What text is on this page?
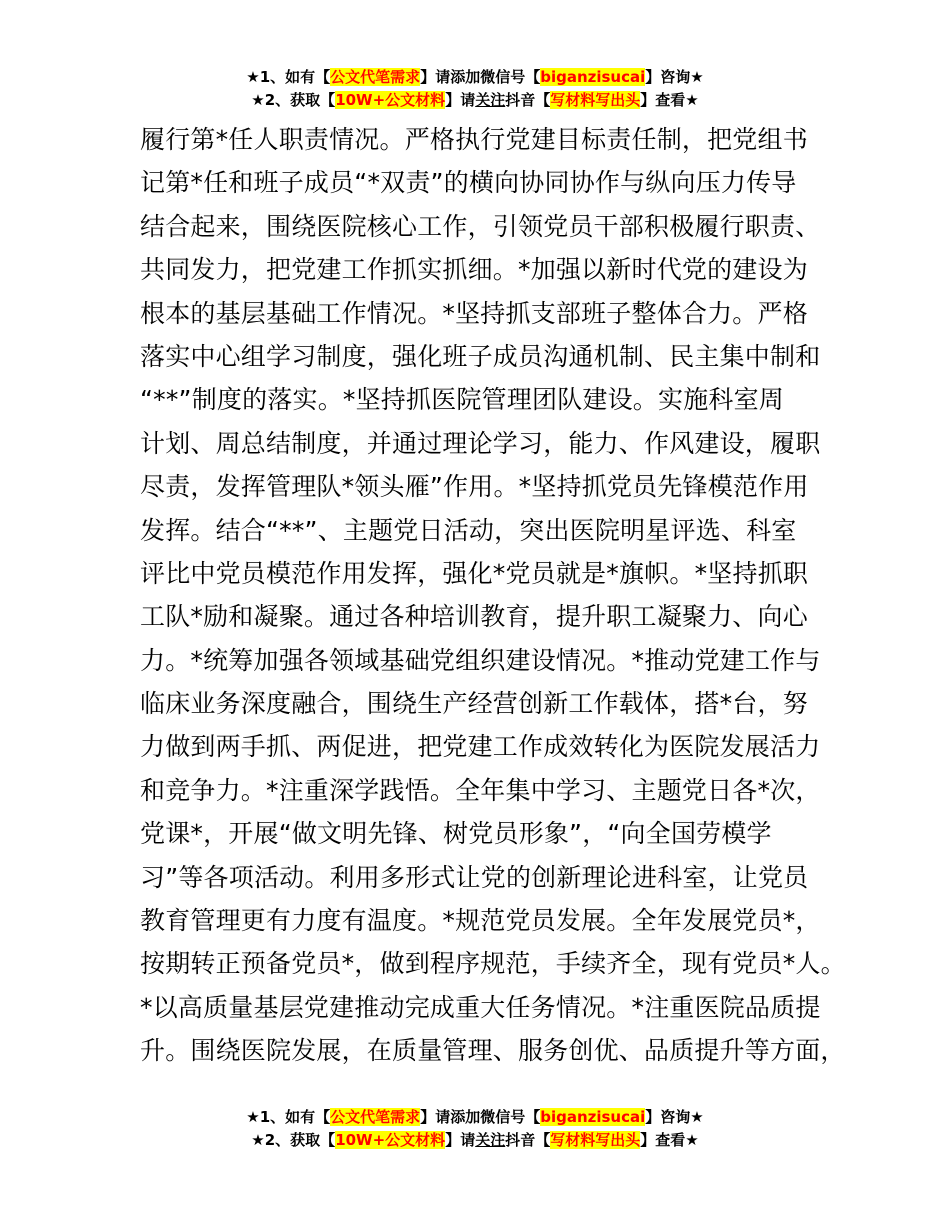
★1、如有【公文代笔需求】请添加微信号【biganzisucai】咨询★
★2、获取【10W+公文材料】请关注抖音【写材料写出头】查看★
履行第*任人职责情况。严格执行党建目标责任制，把党组书
记第*任和班子成员“*双责”的横向协同协作与纵向压力传导
结合起来，围绕医院核心工作，引领党员干部积极履行职责、
共同发力，把党建工作抓实抓细。*加强以新时代党的建设为
根本的基层基础工作情况。*坚持抓支部班子整体合力。严格
落实中心组学习制度，强化班子成员沟通机制、民主集中制和
“**”制度的落实。*坚持抓医院管理团队建设。实施科室周
计划、周总结制度，并通过理论学习，能力、作风建设，履职
尽责，发挥管理队*领头雁”作用。*坚持抓党员先锋模范作用
发挥。结合“**”、主题党日活动，突出医院明星评选、科室
评比中党员模范作用发挥，强化*党员就是*旗帜。*坚持抓职
工队*励和凝聚。通过各种培训教育，提升职工凝聚力、向心
力。*统筹加强各领域基础党组织建设情况。*推动党建工作与
临床业务深度融合，围绕生产经营创新工作载体，搭*台，努
力做到两手抓、两促进，把党建工作成效转化为医院发展活力
和竞争力。*注重深学践悟。全年集中学习、主题党日各*次，
党课*，开展“做文明先锋、树党员形象”，“向全国劳模学
习”等各项活动。利用多形式让党的创新理论进科室，让党员
教育管理更有力度有温度。*规范党员发展。全年发展党员*，
按期转正预备党员*，做到程序规范，手续齐全，现有党员*人。
*以高质量基层党建推动完成重大任务情况。*注重医院品质提
升。围绕医院发展，在质量管理、服务创优、品质提升等方面，
★1、如有【公文代笔需求】请添加微信号【biganzisucai】咨询★
★2、获取【10W+公文材料】请关注抖音【写材料写出头】查看★
